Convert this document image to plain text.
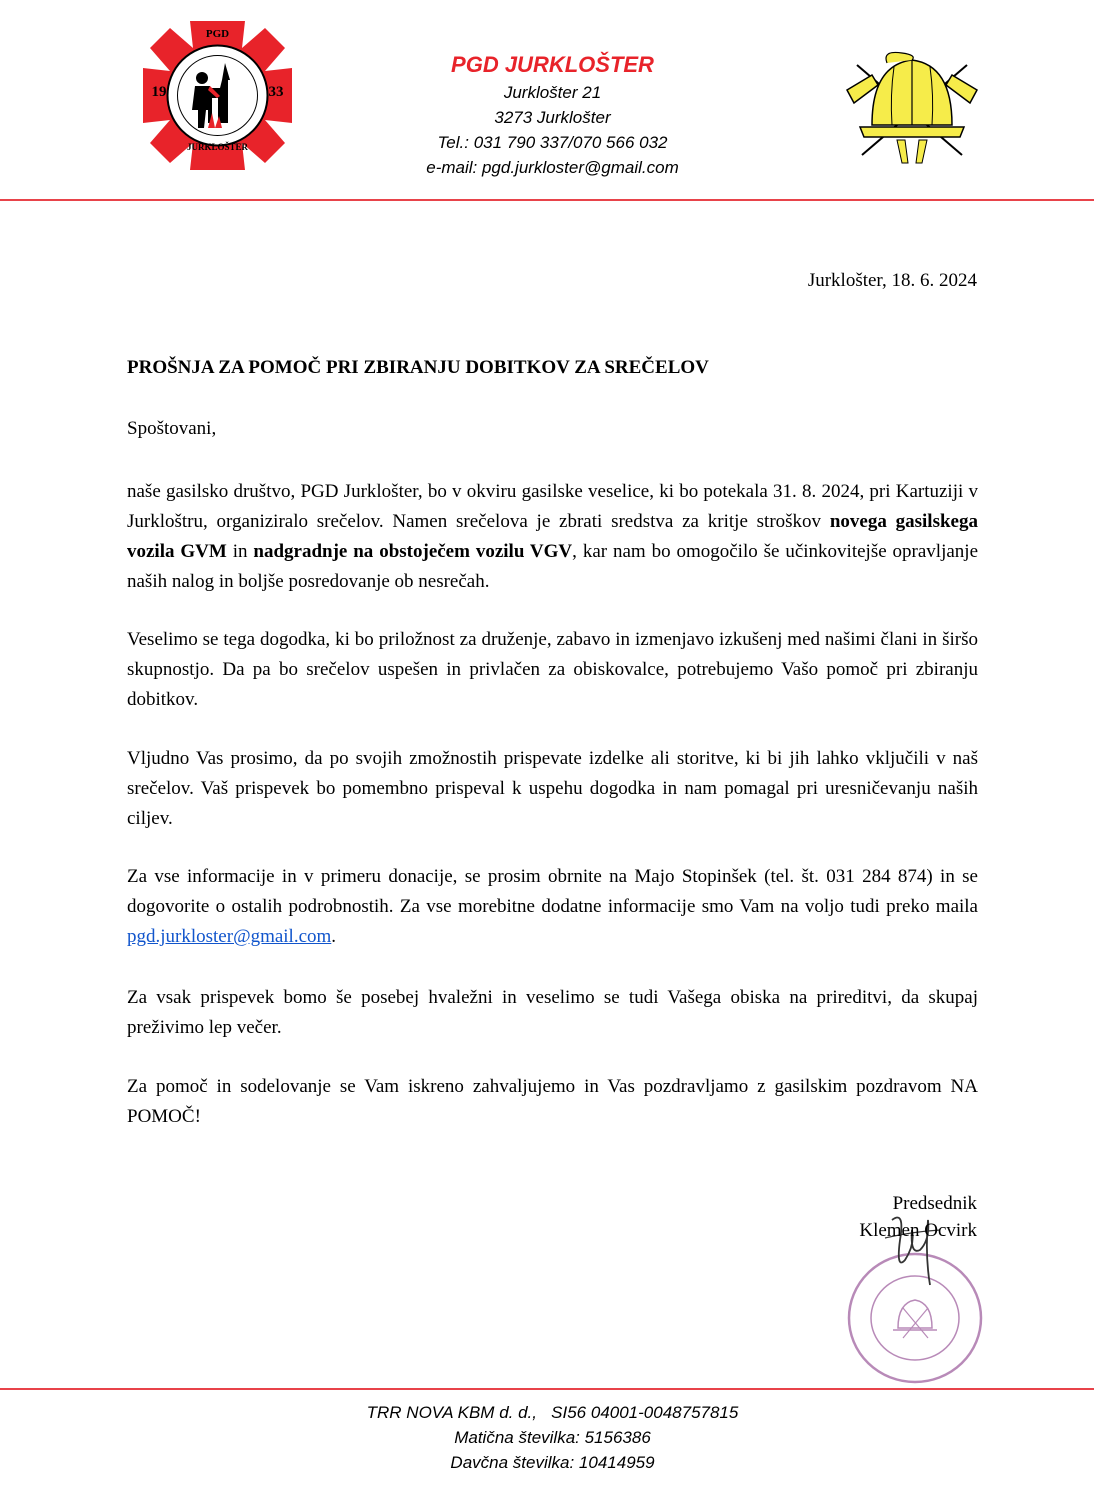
PGD
19	33
JURKLOŠTER
PGD JURKLOŠTER
Jurklošter 21
3273 Jurklošter
Tel.: 031 790 337/070 566 032
e-mail: pgd.jurkloster@gmail.com
Jurklošter, 18. 6. 2024
PROŠNJA ZA POMOČ PRI ZBIRANJU DOBITKOV ZA SREČELOV
Spoštovani,

naše gasilsko društvo, PGD Jurklošter, bo v okviru gasilske veselice, ki bo potekala 31. 8. 2024, pri Kartuziji v Jurkloštru, organiziralo srečelov. Namen srečelova je zbrati sredstva za kritje stroškov novega gasilskega vozila GVM in nadgradnje na obstoječem vozilu VGV, kar nam bo omogočilo še učinkovitejše opravljanje naših nalog in boljše posredovanje ob nesrečah.

Veselimo se tega dogodka, ki bo priložnost za druženje, zabavo in izmenjavo izkušenj med našimi člani in širšo skupnostjo. Da pa bo srečelov uspešen in privlačen za obiskovalce, potrebujemo Vašo pomoč pri zbiranju dobitkov.

Vljudno Vas prosimo, da po svojih zmožnostih prispevate izdelke ali storitve, ki bi jih lahko vključili v naš srečelov. Vaš prispevek bo pomembno prispeval k uspehu dogodka in nam pomagal pri uresničevanju naših ciljev.

Za vse informacije in v primeru donacije, se prosim obrnite na Majo Stopinšek (tel. št. 031 284 874) in se dogovorite o ostalih podrobnostih. Za vse morebitne dodatne informacije smo Vam na voljo tudi preko maila pgd.jurkloster@gmail.com.

Za vsak prispevek bomo še posebej hvaležni in veselimo se tudi Vašega obiska na prireditvi, da skupaj preživimo lep večer.

Za pomoč in sodelovanje se Vam iskreno zahvaljujemo in Vas pozdravljamo z gasilskim pozdravom NA POMOČ!

Predsednik
Klemen Ocvirk
TRR NOVA KBM d. d.,   SI56 04001-0048757815
Matična številka: 5156386
Davčna številka: 10414959
